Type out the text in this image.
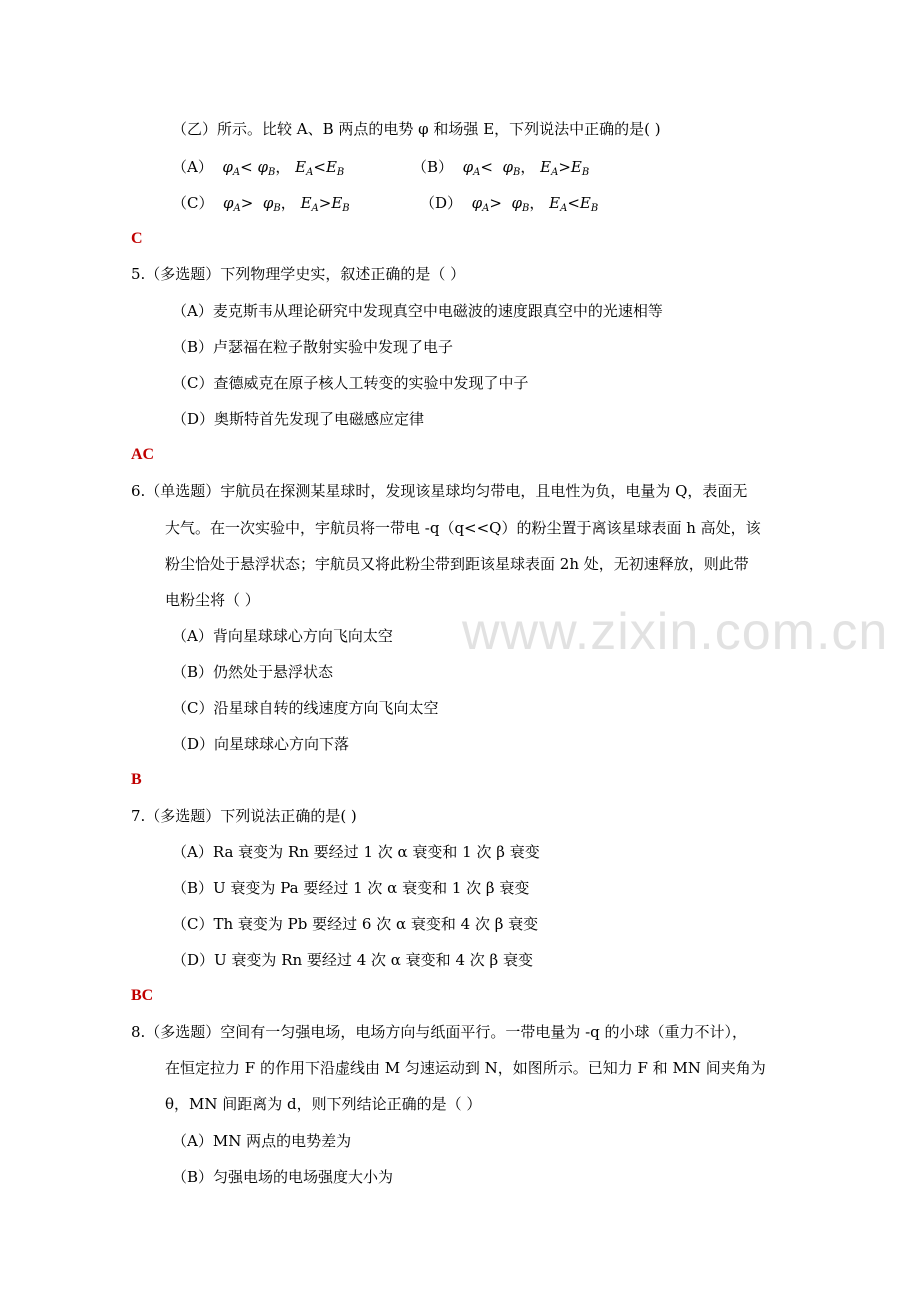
（乙）所示。比较 A、B 两点的电势 φ 和场强 E，下列说法中正确的是( )
（A） $\varphi_A< \varphi_B$， $E_A<E_B$	（B） $\varphi_A< \varphi_B$， $E_A>E_B$
（C） $\varphi_A> \varphi_B$， $E_A>E_B$	（D） $\varphi_A> \varphi_B$， $E_A<E_B$
C
5.（多选题）下列物理学史实，叙述正确的是（ ）
（A）麦克斯韦从理论研究中发现真空中电磁波的速度跟真空中的光速相等
（B）卢瑟福在粒子散射实验中发现了电子
（C）查德威克在原子核人工转变的实验中发现了中子
（D）奥斯特首先发现了电磁感应定律
AC
6.（单选题）宇航员在探测某星球时，发现该星球均匀带电，且电性为负，电量为 Q，表面无
大气。在一次实验中，宇航员将一带电 -q（q<<Q）的粉尘置于离该星球表面 h 高处，该
粉尘恰处于悬浮状态；宇航员又将此粉尘带到距该星球表面 2h 处，无初速释放，则此带
电粉尘将（ ）
（A）背向星球球心方向飞向太空
（B）仍然处于悬浮状态
（C）沿星球自转的线速度方向飞向太空
（D）向星球球心方向下落
B
7.（多选题）下列说法正确的是( )
（A）Ra 衰变为 Rn 要经过 1 次 α 衰变和 1 次 β 衰变
（B）U 衰变为 Pa 要经过 1 次 α 衰变和 1 次 β 衰变
（C）Th 衰变为 Pb 要经过 6 次 α 衰变和 4 次 β 衰变
（D）U 衰变为 Rn 要经过 4 次 α 衰变和 4 次 β 衰变
BC
8.（多选题）空间有一匀强电场，电场方向与纸面平行。一带电量为 -q 的小球（重力不计），
在恒定拉力 F 的作用下沿虚线由 M 匀速运动到 N，如图所示。已知力 F 和 MN 间夹角为
θ，MN 间距离为 d，则下列结论正确的是（ ）
（A）MN 两点的电势差为
（B）匀强电场的电场强度大小为
www.zixin.com.cn
